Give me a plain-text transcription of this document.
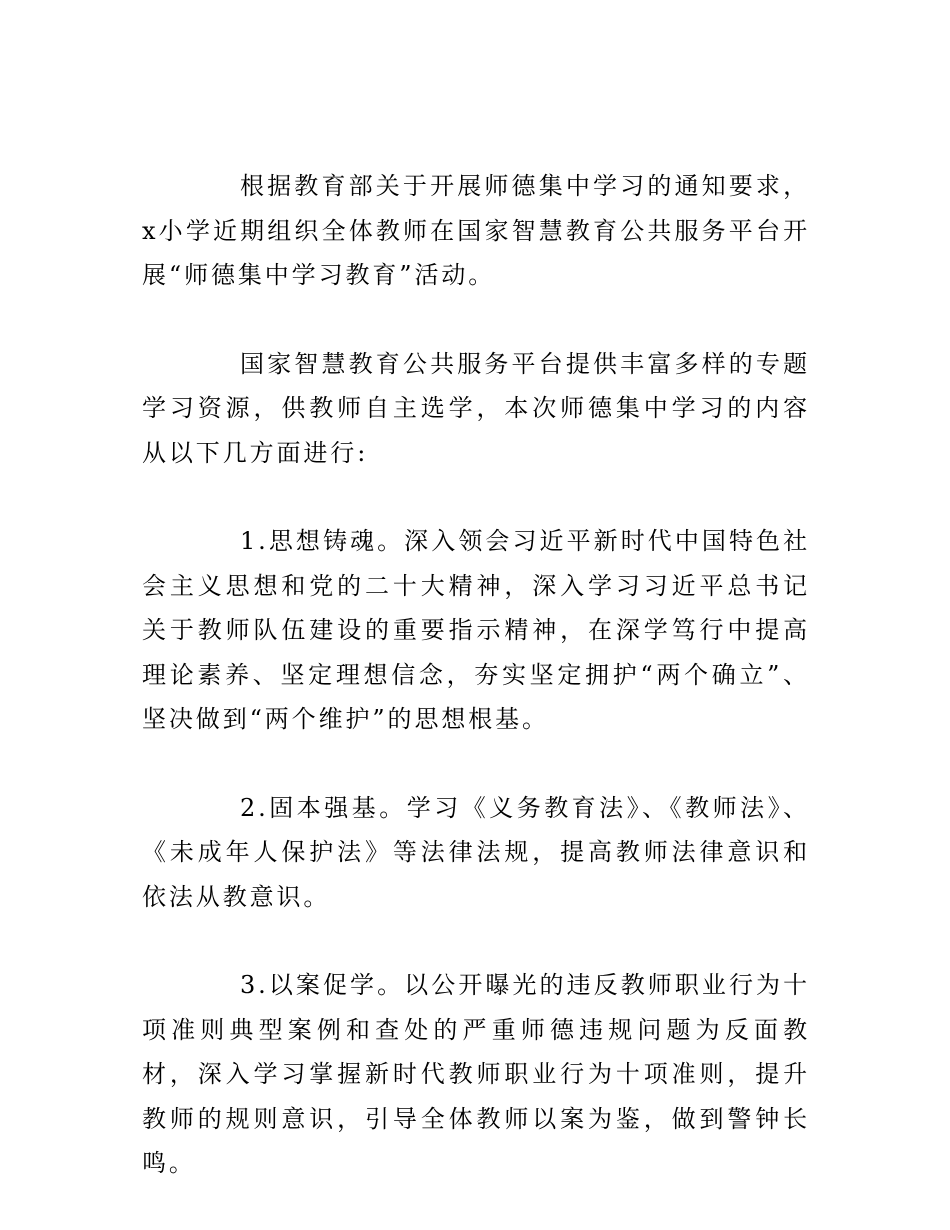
根据教育部关于开展师德集中学习的通知要求，x小学近期组织全体教师在国家智慧教育公共服务平台开展“师德集中学习教育”活动。

国家智慧教育公共服务平台提供丰富多样的专题学习资源，供教师自主选学，本次师德集中学习的内容从以下几方面进行:

1.思想铸魂。深入领会习近平新时代中国特色社会主义思想和党的二十大精神，深入学习习近平总书记关于教师队伍建设的重要指示精神，在深学笃行中提高理论素养、坚定理想信念，夯实坚定拥护“两个确立”、坚决做到“两个维护”的思想根基。

2.固本强基。学习《义务教育法》、《教师法》、《未成年人保护法》等法律法规，提高教师法律意识和依法从教意识。

3.以案促学。以公开曝光的违反教师职业行为十项准则典型案例和查处的严重师德违规问题为反面教材，深入学习掌握新时代教师职业行为十项准则，提升教师的规则意识，引导全体教师以案为鉴，做到警钟长鸣。
